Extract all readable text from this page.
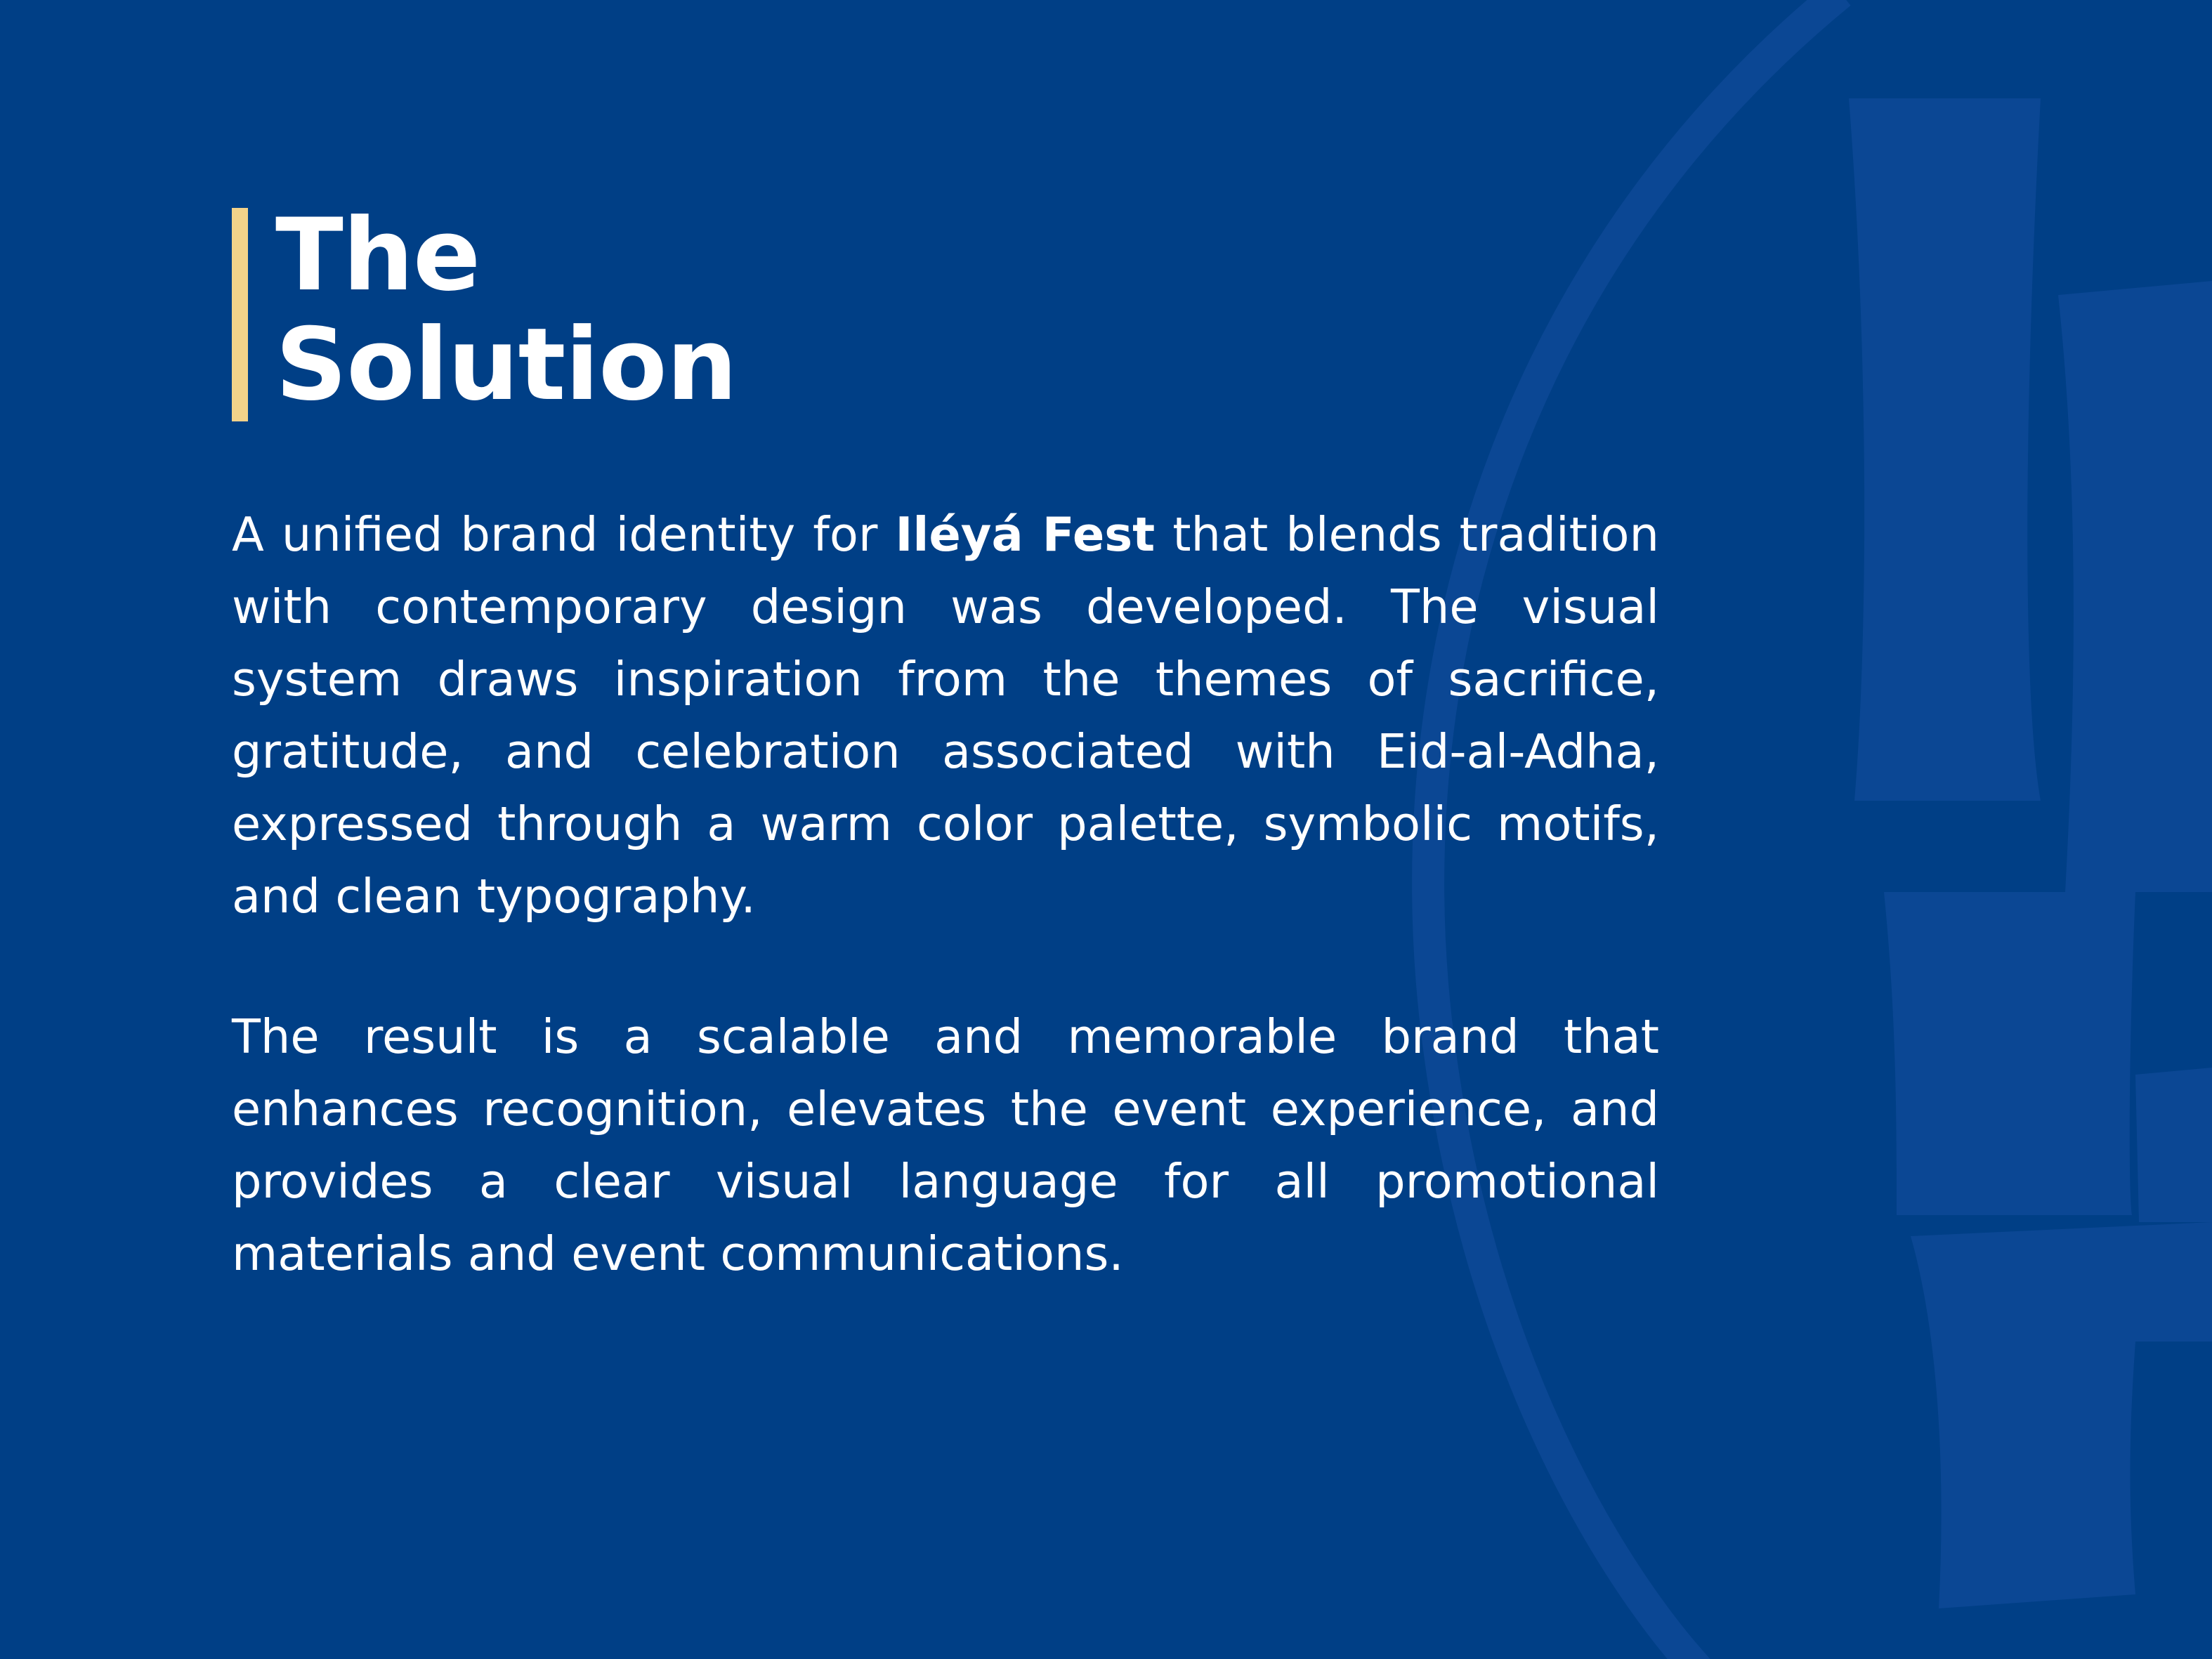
The
Solution

A unified brand identity for Iléyá Fest that blends tradition with contemporary design was developed. The visual system draws inspiration from the themes of sacrifice, gratitude, and celebration associated with Eid-al-Adha, expressed through a warm color palette, symbolic motifs, and clean typography.

The result is a scalable and memorable brand that enhances recognition, elevates the event experience, and provides a clear visual language for all promotional materials and event communications.
